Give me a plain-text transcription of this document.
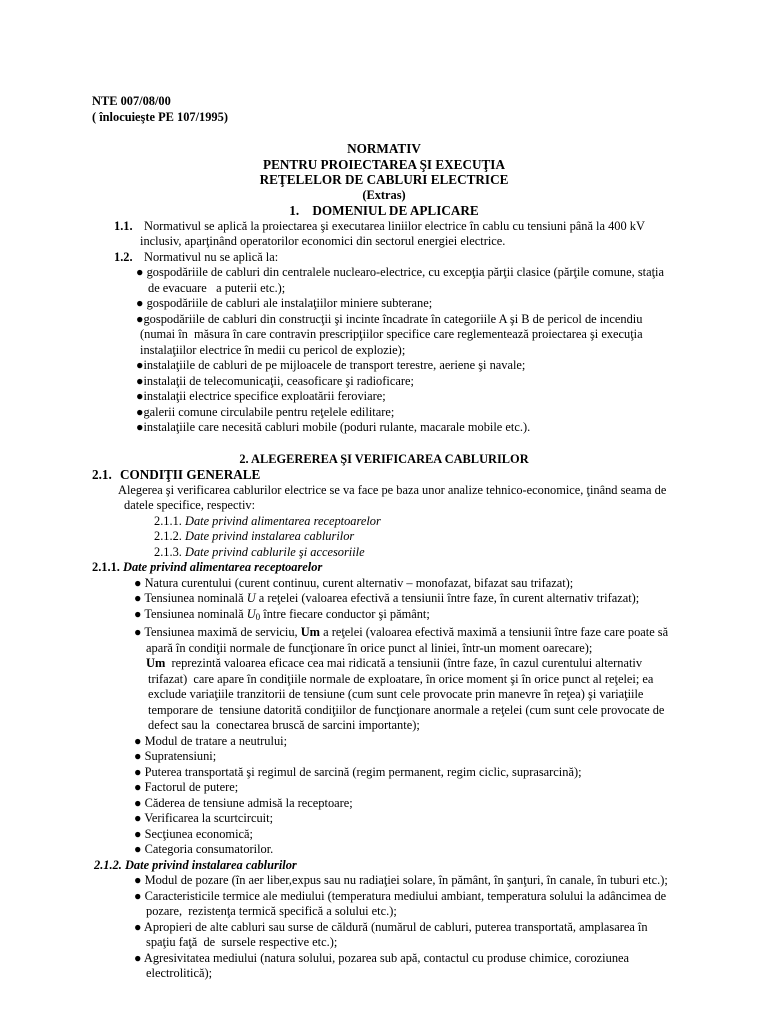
NTE 007/08/00

( înlocuieşte PE 107/1995)

NORMATIV

PENTRU PROIECTAREA ŞI EXECUŢIA

REŢELELOR DE CABLURI ELECTRICE

(Extras)

1.    DOMENIUL DE APLICARE

1.1. Normativul se aplică la proiectarea şi executarea liniilor electrice în cablu cu tensiuni până la 400 kV

inclusiv, aparţinând operatorilor economici din sectorul energiei electrice.

1.2. Normativul nu se aplică la:

● gospodăriile de cabluri din centralele nuclearo-electrice, cu excepţia părţii clasice (părţile comune, staţia

de evacuare   a puterii etc.);

● gospodăriile de cabluri ale instalaţiilor miniere subterane;

●gospodăriile de cabluri din construcţii şi incinte încadrate în categoriile A şi B de pericol de incendiu

(numai în  măsura în care contravin prescripţiilor specifice care reglementează proiectarea şi execuţia

instalaţiilor electrice în medii cu pericol de explozie);

●instalaţiile de cabluri de pe mijloacele de transport terestre, aeriene şi navale;

●instalaţii de telecomunicaţii, ceasoficare şi radioficare;

●instalaţii electrice specifice exploatării feroviare;

●galerii comune circulabile pentru reţelele edilitare;

●instalaţiile care necesită cabluri mobile (poduri rulante, macarale mobile etc.).

2. ALEGEREREA ŞI VERIFICAREA CABLURILOR

2.1. CONDIŢII GENERALE

Alegerea şi verificarea cablurilor electrice se va face pe baza unor analize tehnico-economice, ţinând seama de

datele specifice, respectiv:

2.1.1. Date privind alimentarea receptoarelor

2.1.2. Date privind instalarea cablurilor

2.1.3. Date privind cablurile şi accesoriile

2.1.1. Date privind alimentarea receptoarelor

● Natura curentului (curent continuu, curent alternativ – monofazat, bifazat sau trifazat);

● Tensiunea nominală U a reţelei (valoarea efectivă a tensiunii între faze, în curent alternativ trifazat);

● Tensiunea nominală $U_0$ între fiecare conductor şi pământ;

● Tensiunea maximă de serviciu, Um a reţelei (valoarea efectivă maximă a tensiunii între faze care poate să

apară în condiţii normale de funcţionare în orice punct al liniei, într-un moment oarecare);

Um  reprezintă valoarea eficace cea mai ridicată a tensiunii (între faze, în cazul curentului alternativ

trifazat)  care apare în condiţiile normale de exploatare, în orice moment şi în orice punct al reţelei; ea

exclude variaţiile tranzitorii de tensiune (cum sunt cele provocate prin manevre în reţea) şi variaţiile

temporare de  tensiune datorită condiţiilor de funcţionare anormale a reţelei (cum sunt cele provocate de

defect sau la  conectarea bruscă de sarcini importante);

● Modul de tratare a neutrului;

● Supratensiuni;

● Puterea transportată şi regimul de sarcină (regim permanent, regim ciclic, suprasarcină);

● Factorul de putere;

● Căderea de tensiune admisă la receptoare;

● Verificarea la scurtcircuit;

● Secţiunea economică;

● Categoria consumatorilor.

2.1.2. Date privind instalarea cablurilor

● Modul de pozare (în aer liber,expus sau nu radiaţiei solare, în pământ, în şanţuri, în canale, în tuburi etc.);

● Caracteristicile termice ale mediului (temperatura mediului ambiant, temperatura solului la adâncimea de

pozare,  rezistenţa termică specifică a solului etc.);

● Apropieri de alte cabluri sau surse de căldură (numărul de cabluri, puterea transportată, amplasarea în

spaţiu faţă  de  sursele respective etc.);

● Agresivitatea mediului (natura solului, pozarea sub apă, contactul cu produse chimice, coroziunea

electrolitică);
